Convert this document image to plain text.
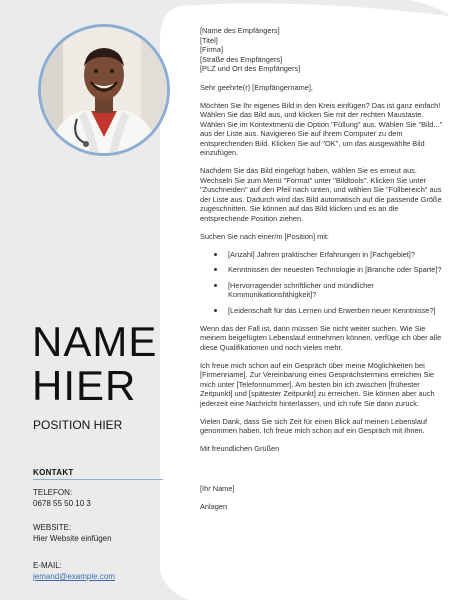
NAME
HIER
POSITION HIER
KONTAKT
TELEFON:
0678 55 50 10 3
WEBSITE:
Hier Website einfügen
E-MAIL:
jemand@example.com
[Name des Empfängers]
[Titel]
[Firma]
[Straße des Empfängers]
[PLZ und Ort des Empfängers]

Sehr geehrte(r) [Empfängername],

Möchten Sie Ihr eigenes Bild in den Kreis einfügen? Das ist ganz einfach! Wählen Sie das Bild aus, und klicken Sie mit der rechten Maustaste. Wählen Sie im Kontextmenü die Option "Füllung" aus. Wählen Sie "Bild..." aus der Liste aus. Navigieren Sie auf Ihrem Computer zu dem entsprechenden Bild. Klicken Sie auf "OK", um das ausgewählte Bild einzufügen.

Nachdem Sie das Bild eingefügt haben, wählen Sie es erneut aus. Wechseln Sie zum Menü "Format" unter "Bildtools". Klicken Sie unter "Zuschneiden" auf den Pfeil nach unten, und wählen Sie "Füllbereich" aus der Liste aus. Dadurch wird das Bild automatisch auf die passende Größe zugeschnitten. Sie können auf das Bild klicken und es an die entsprechende Position ziehen.

Suchen Sie nach einer/m [Position] mit:

[Anzahl] Jahren praktischer Erfahrungen in [Fachgebiet]?
Kenntnissen der neuesten Technologie in [Branche oder Sparte]?
[Hervorragender schriftlicher und mündlicher Kommunikationsfähigkeit]?
[Leidenschaft für das Lernen und Erwerben neuer Kenntnisse?]

Wenn das der Fall ist, dann müssen Sie nicht weiter suchen. Wie Sie meinem beigefügten Lebenslauf entnehmen können, verfüge ich über alle diese Qualifikationen und noch vieles mehr.

Ich freue mich schon auf ein Gespräch über meine Möglichkeiten bei [Firmenname]. Zur Vereinbarung eines Gesprächstermins erreichen Sie mich unter [Telefonnummer]. Am besten bin ich zwischen [frühester Zeitpunkt] und [spätester Zeitpunkt] zu erreichen. Sie können aber auch jederzeit eine Nachricht hinterlassen, und ich rufe Sie dann zurück.

Vielen Dank, dass Sie sich Zeit für einen Blick auf meinen Lebenslauf genommen haben. Ich freue mich schon auf ein Gespräch mit Ihnen.

Mit freundlichen Grüßen

[Ihr Name]

Anlagen
